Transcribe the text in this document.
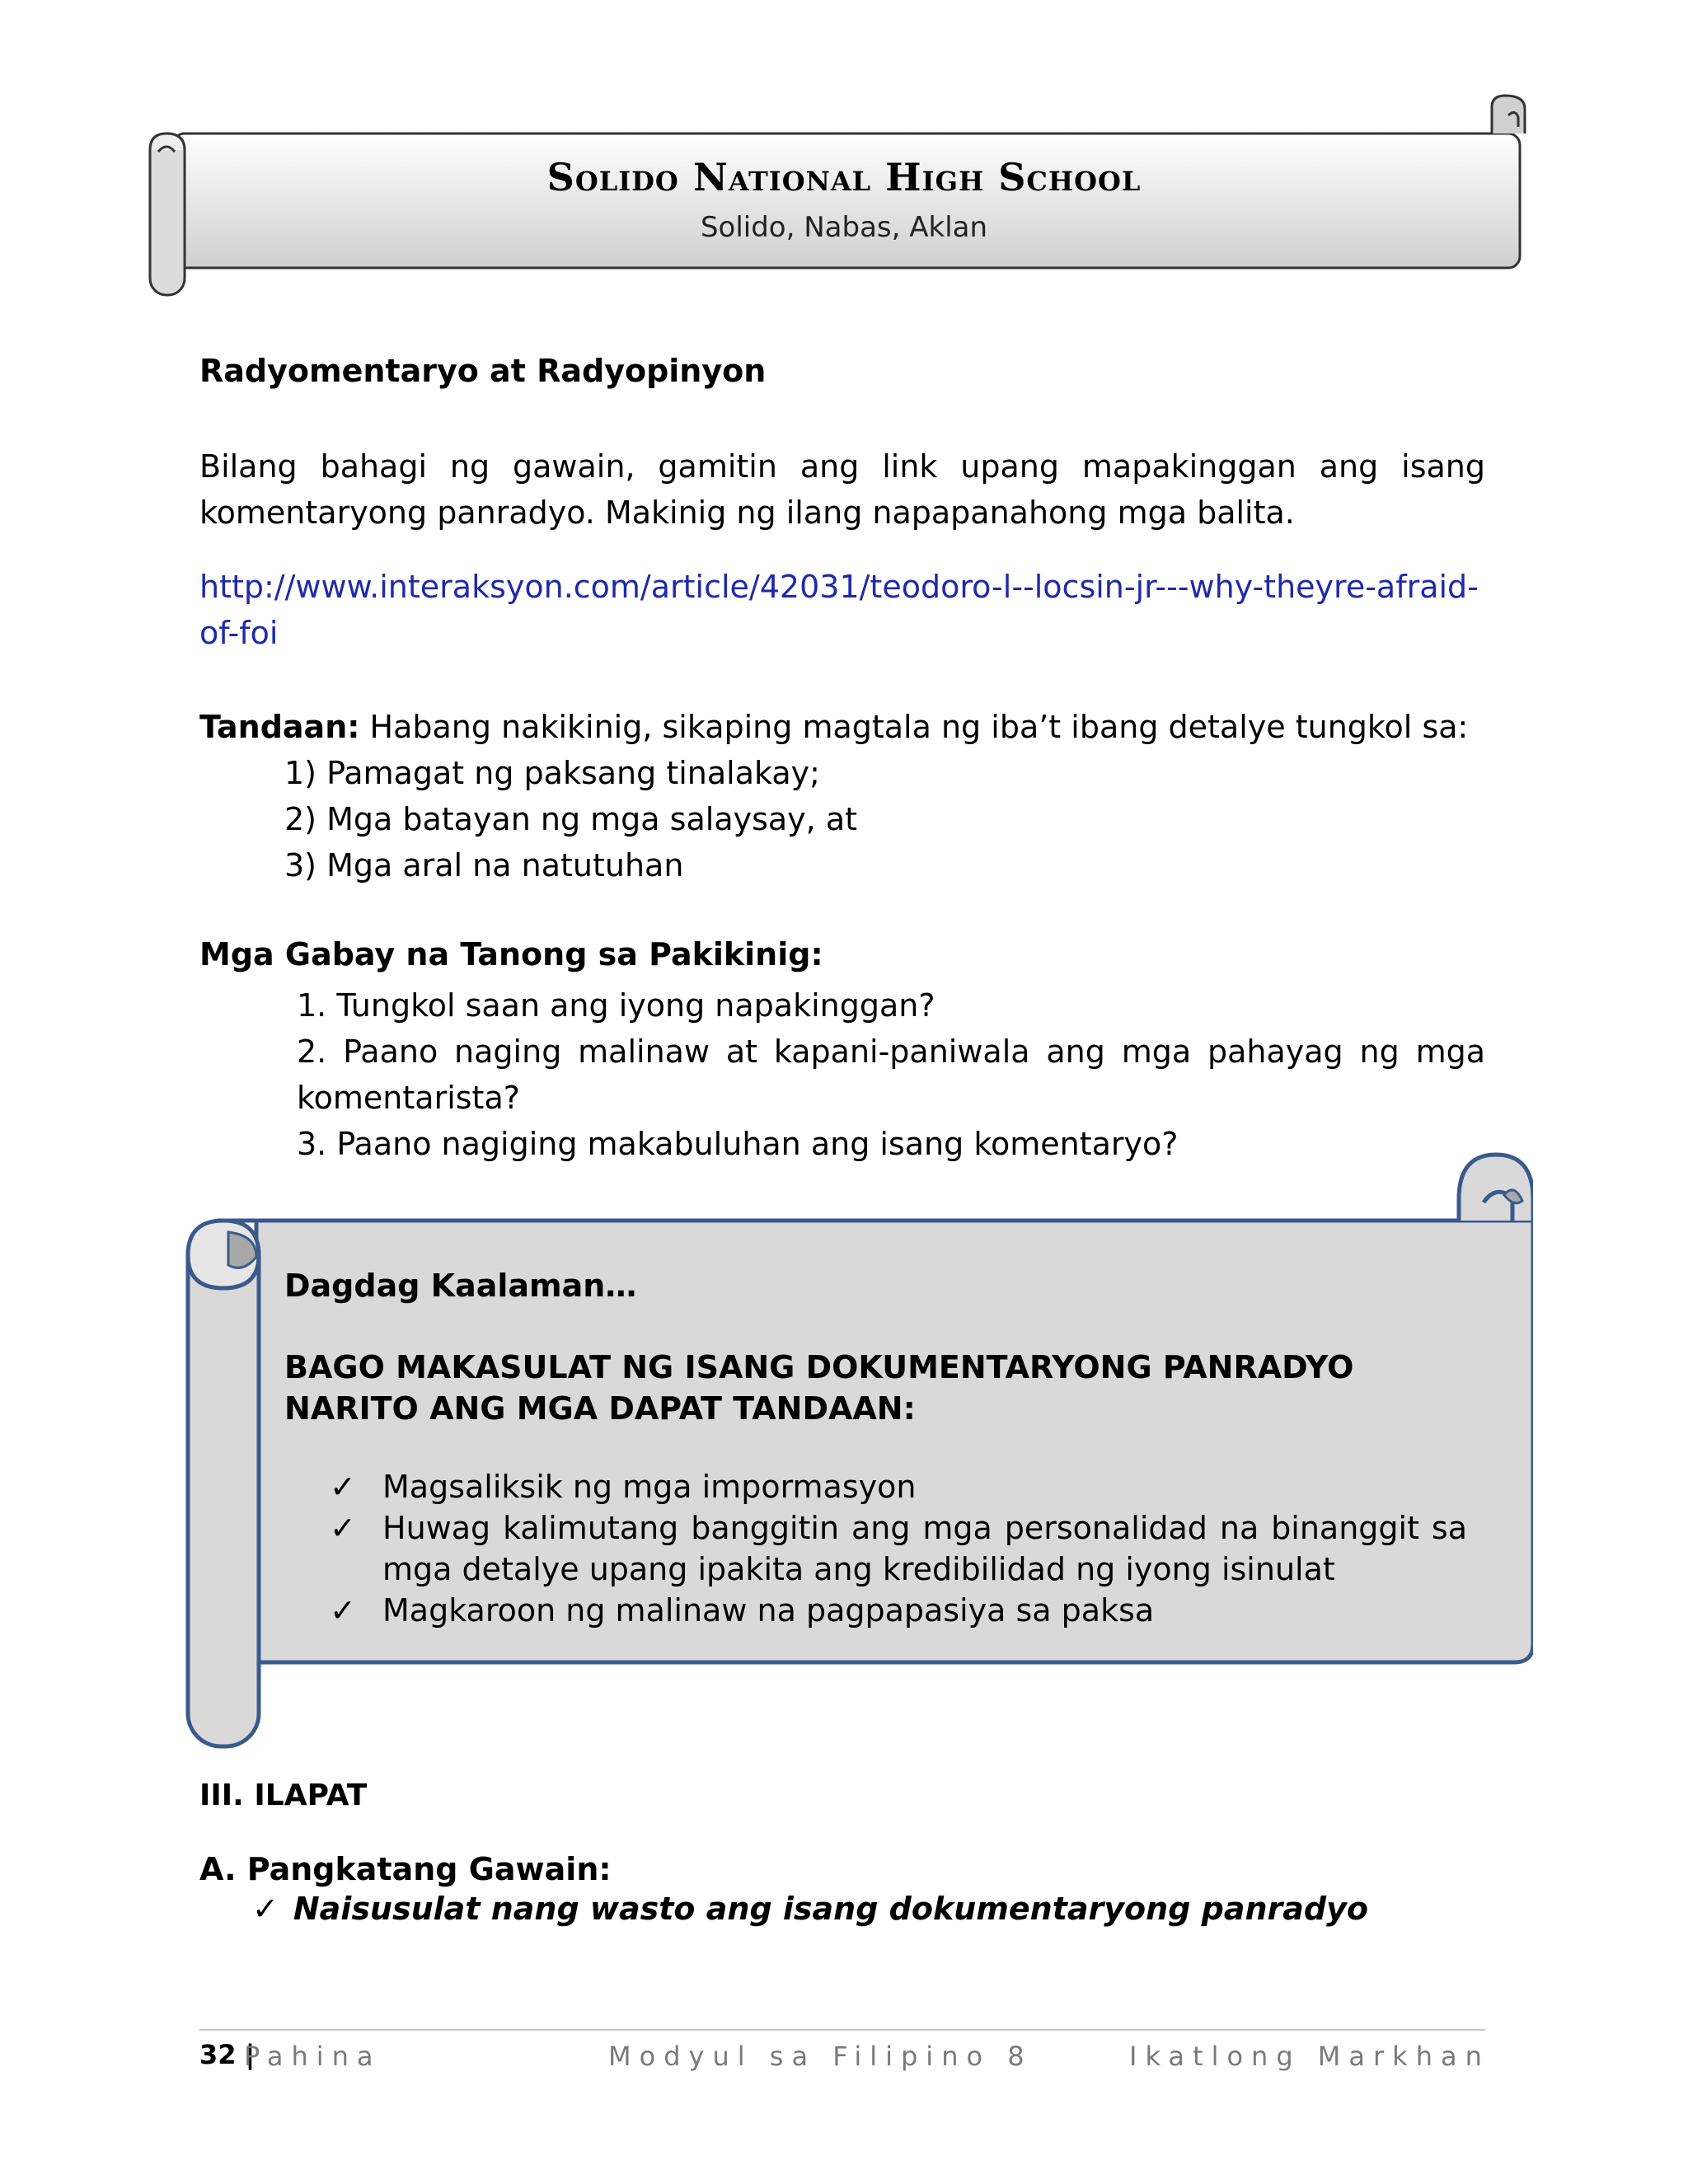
Solido National High School
Solido, Nabas, Aklan
Radyomentaryo at Radyopinyon
Bilang bahagi ng gawain, gamitin ang link upang mapakinggan ang isang komentaryong panradyo. Makinig ng ilang napapanahong mga balita.
http://www.interaksyon.com/article/42031/teodoro-l--locsin-jr---why-theyre-afraid-of-foi
Tandaan: Habang nakikinig, sikaping magtala ng iba’t ibang detalye tungkol sa:
1) Pamagat ng paksang tinalakay;
2) Mga batayan ng mga salaysay, at
3) Mga aral na natutuhan
Mga Gabay na Tanong sa Pakikinig:
1. Tungkol saan ang iyong napakinggan?
2. Paano naging malinaw at kapani-paniwala ang mga pahayag ng mga komentarista?
3. Paano nagiging makabuluhan ang isang komentaryo?
Dagdag Kaalaman…
BAGO MAKASULAT NG ISANG DOKUMENTARYONG PANRADYO NARITO ANG MGA DAPAT TANDAAN:
✓ Magsaliksik ng mga impormasyon
✓ Huwag kalimutang banggitin ang mga personalidad na binanggit sa mga detalye upang ipakita ang kredibilidad ng iyong isinulat
✓ Magkaroon ng malinaw na pagpapasiya sa paksa
III. ILAPAT
A. Pangkatang Gawain:
✓ Naisusulat nang wasto ang isang dokumentaryong panradyo
32 |
Pahina	Modyul sa Filipino 8	Ikatlong Markhan
